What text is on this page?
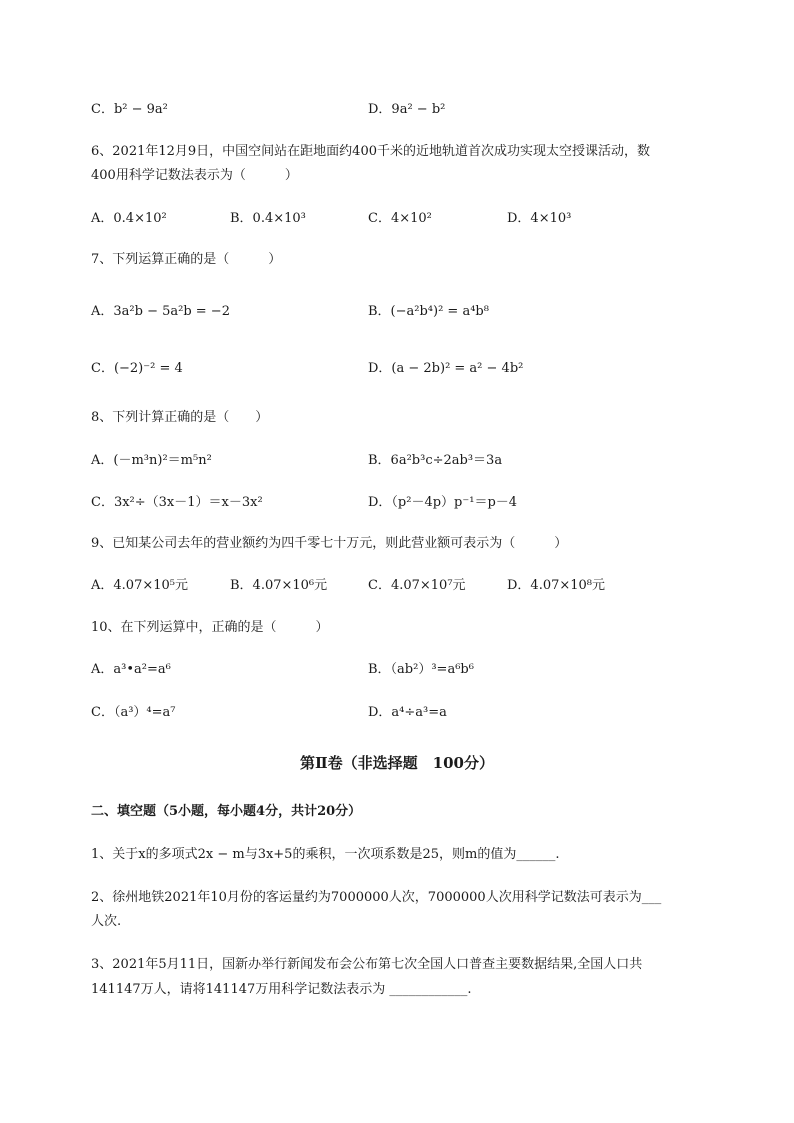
C．b² − 9a²	D．9a² − b²
6、2021年12月9日，中国空间站在距地面约400千米的近地轨道首次成功实现太空授课活动，数
400用科学记数法表示为（　　　）
A．0.4×10²	B．0.4×10³	C．4×10²	D．4×10³
7、下列运算正确的是（　　　）
A．3a²b − 5a²b = −2	B．(−a²b⁴)² = a⁴b⁸
C．(−2)⁻² = 4	D．(a − 2b)² = a² − 4b²
8、下列计算正确的是（　　）
A．(－m³n)²＝m⁵n²	B．6a²b³c÷2ab³＝3a
C．3x²÷（3x－1）＝x－3x²	D．（p²－4p）p⁻¹＝p－4
9、已知某公司去年的营业额约为四千零七十万元，则此营业额可表示为（　　　）
A．4.07×10⁵元	B．4.07×10⁶元	C．4.07×10⁷元	D．4.07×10⁸元
10、在下列运算中，正确的是（　　　）
A．a³•a²=a⁶	B．（ab²）³=a⁶b⁶
C．（a³）⁴=a⁷	D．a⁴÷a³=a
第Ⅱ卷（非选择题　100分）
二、填空题（5小题，每小题4分，共计20分）
1、关于x的多项式2x − m与3x+5的乘积，一次项系数是25，则m的值为______.
2、徐州地铁2021年10月份的客运量约为7000000人次，7000000人次用科学记数法可表示为___
人次.
3、2021年5月11日，国新办举行新闻发布会公布第七次全国人口普查主要数据结果,全国人口共
141147万人，请将141147万用科学记数法表示为 ____________.
